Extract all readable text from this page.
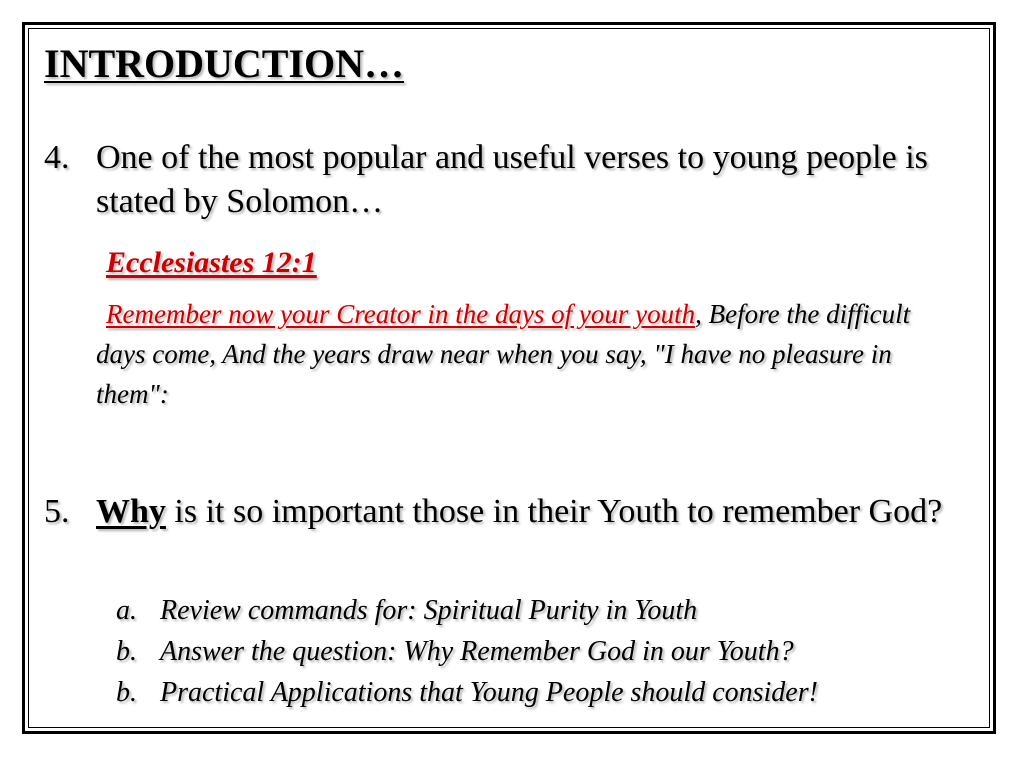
INTRODUCTION…
4. One of the most popular and useful verses to young people is stated by Solomon…
Ecclesiastes 12:1
Remember now your Creator in the days of your youth, Before the difficult days come, And the years draw near when you say, "I have no pleasure in them":
5. Why is it so important those in their Youth to remember God?
a. Review commands for: Spiritual Purity in Youth
b. Answer the question: Why Remember God in our Youth?
b. Practical Applications that Young People should consider!
